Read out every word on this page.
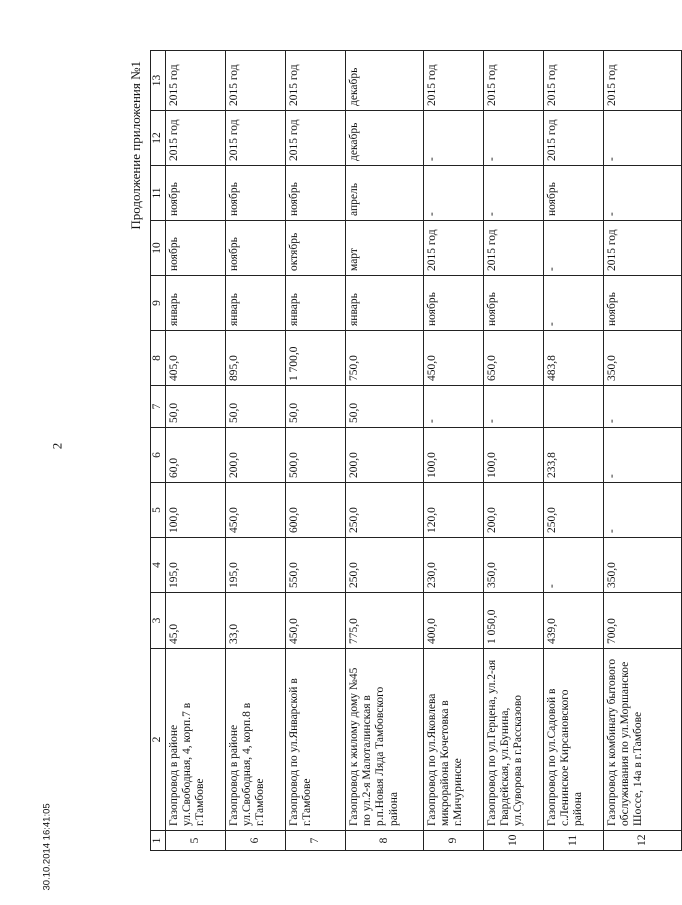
2
30.10.2014 16:41:05
Продолжение приложения №1
1	2	3	4	5	6	7	8	9	10	11	12	13
5	Газопровод в районе ул.Свободная, 4, корп.7 в г.Тамбове	45,0	195,0	100,0	60,0	50,0	405,0	январь	ноябрь	ноябрь	2015 год	2015 год
6	Газопровод в районе ул.Свободная, 4, корп.8 в г.Тамбове	33,0	195,0	450,0	200,0	50,0	895,0	январь	ноябрь	ноябрь	2015 год	2015 год
7	Газопровод по ул.Январской в г.Тамбове	450,0	550,0	600,0	500,0	50,0	1 700,0	январь	октябрь	ноябрь	2015 год	2015 год
8	Газопровод к жилому дому №45 по ул.2-я Малоталинская в р.п.Новая Ляда Тамбовского района	775,0	250,0	250,0	200,0	50,0	750,0	январь	март	апрель	декабрь	декабрь
9	Газопровод по ул.Яковлева микрорайона Кочетовка в г.Мичуринске	400,0	230,0	120,0	100,0	-	450,0	ноябрь	2015 год	-	-	2015 год
10	Газопровод по ул.Герцена, ул.2-ая Гвардейская, ул.Бунина, ул.Суворова в г.Рассказово	1 050,0	350,0	200,0	100,0	-	650,0	ноябрь	2015 год	-	-	2015 год
11	Газопровод по ул.Садовой в с.Ленинское Кирсановского района	439,0	-	250,0	233,8		483,8	-	-	ноябрь	2015 год	2015 год
12	Газопровод к комбинату бытового обслуживания по ул.Моршанское Шоссе, 14а в г.Тамбове	700,0	350,0	-	-	-	350,0	ноябрь	2015 год	-	-	2015 год
